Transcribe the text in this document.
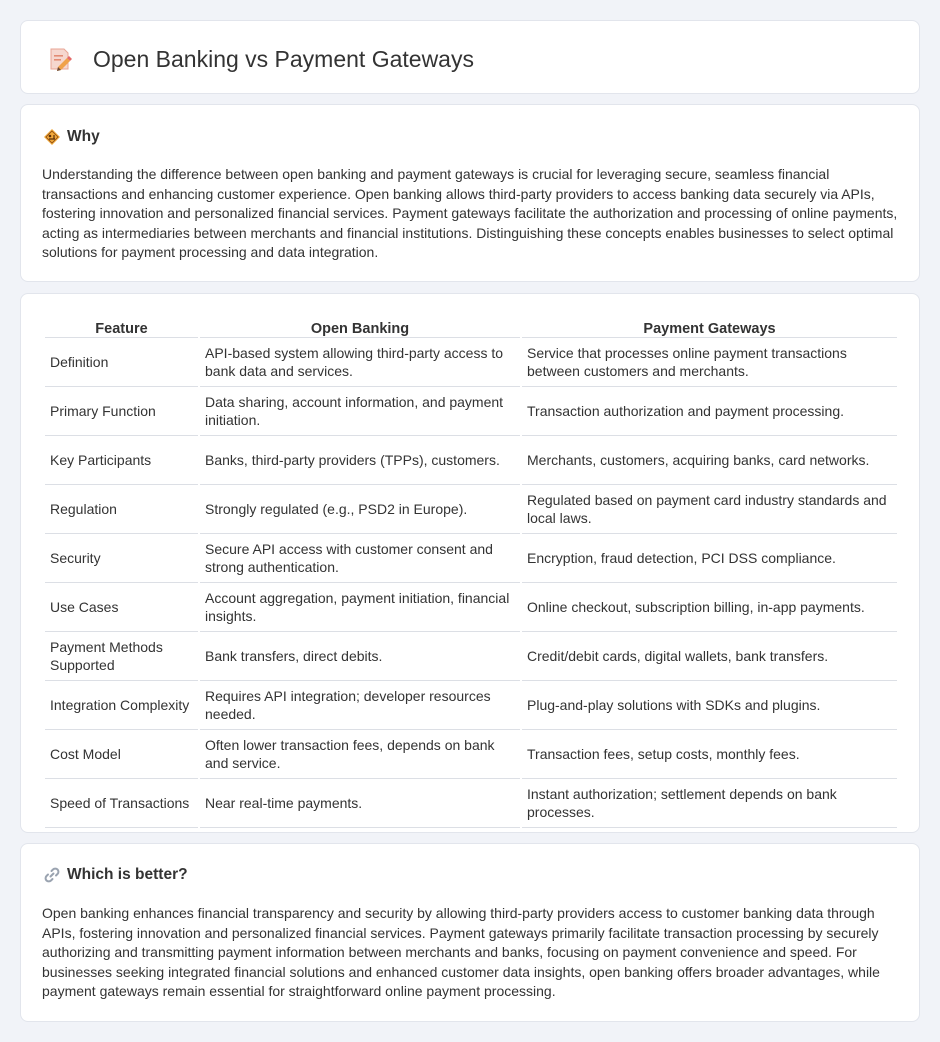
Open Banking vs Payment Gateways
Why

Understanding the difference between open banking and payment gateways is crucial for leveraging secure, seamless financial transactions and enhancing customer experience. Open banking allows third-party providers to access banking data securely via APIs, fostering innovation and personalized financial services. Payment gateways facilitate the authorization and processing of online payments, acting as intermediaries between merchants and financial institutions. Distinguishing these concepts enables businesses to select optimal solutions for payment processing and data integration.

Feature	Open Banking	Payment Gateways
Definition	API-based system allowing third-party access to bank data and services.	Service that processes online payment transactions between customers and merchants.
Primary Function	Data sharing, account information, and payment initiation.	Transaction authorization and payment processing.
Key Participants	Banks, third-party providers (TPPs), customers.	Merchants, customers, acquiring banks, card networks.
Regulation	Strongly regulated (e.g., PSD2 in Europe).	Regulated based on payment card industry standards and local laws.
Security	Secure API access with customer consent and strong authentication.	Encryption, fraud detection, PCI DSS compliance.
Use Cases	Account aggregation, payment initiation, financial insights.	Online checkout, subscription billing, in-app payments.
Payment Methods Supported	Bank transfers, direct debits.	Credit/debit cards, digital wallets, bank transfers.
Integration Complexity	Requires API integration; developer resources needed.	Plug-and-play solutions with SDKs and plugins.
Cost Model	Often lower transaction fees, depends on bank and service.	Transaction fees, setup costs, monthly fees.
Speed of Transactions	Near real-time payments.	Instant authorization; settlement depends on bank processes.
Which is better?

Open banking enhances financial transparency and security by allowing third-party providers access to customer banking data through APIs, fostering innovation and personalized financial services. Payment gateways primarily facilitate transaction processing by securely authorizing and transmitting payment information between merchants and banks, focusing on payment convenience and speed. For businesses seeking integrated financial solutions and enhanced customer data insights, open banking offers broader advantages, while payment gateways remain essential for straightforward online payment processing.
